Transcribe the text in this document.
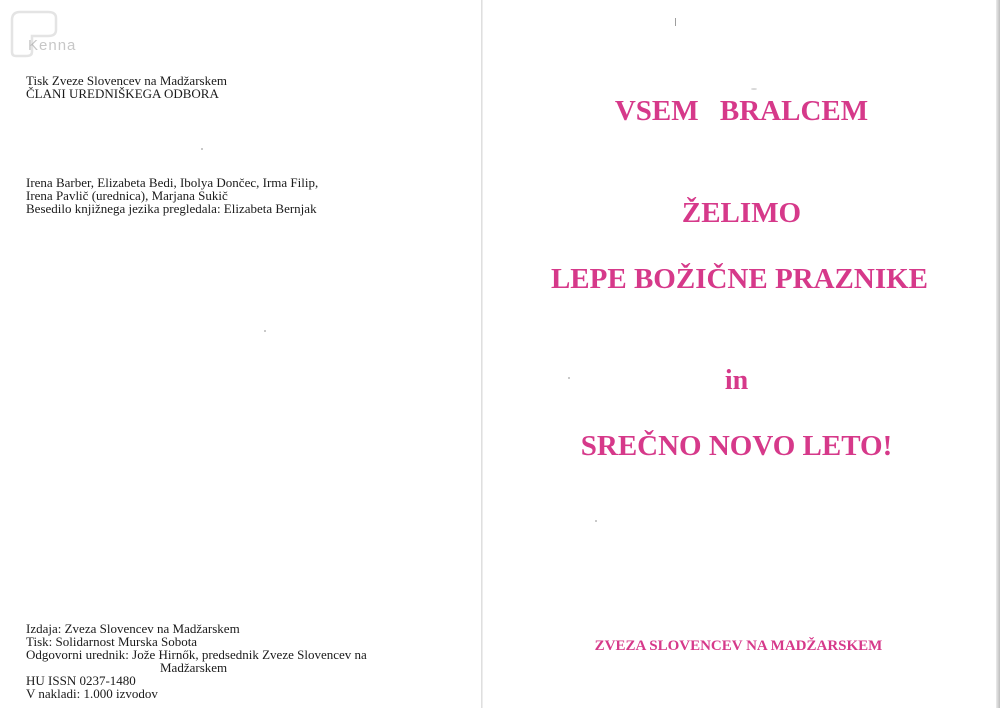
Kenna
Tisk Zveze Slovencev na Madžarskem
ČLANI UREDNIŠKEGA ODBORA
Irena Barber, Elizabeta Bedi, Ibolya Dončec, Irma Filip,
Irena Pavlič (urednica), Marjana Sukič
Besedilo knjižnega jezika pregledala: Elizabeta Bernjak
Izdaja: Zveza Slovencev na Madžarskem
Tisk: Solidarnost Murska Sobota
Odgovorni urednik: Jože Hirnők, predsednik Zveze Slovencev na
Madžarskem
HU ISSN 0237-1480
V nakladi: 1.000 izvodov
VSEM BRALCEM
ŽELIMO
LEPE BOŽIČNE PRAZNIKE
in
SREČNO NOVO LETO!
ZVEZA SLOVENCEV NA MADŽARSKEM
